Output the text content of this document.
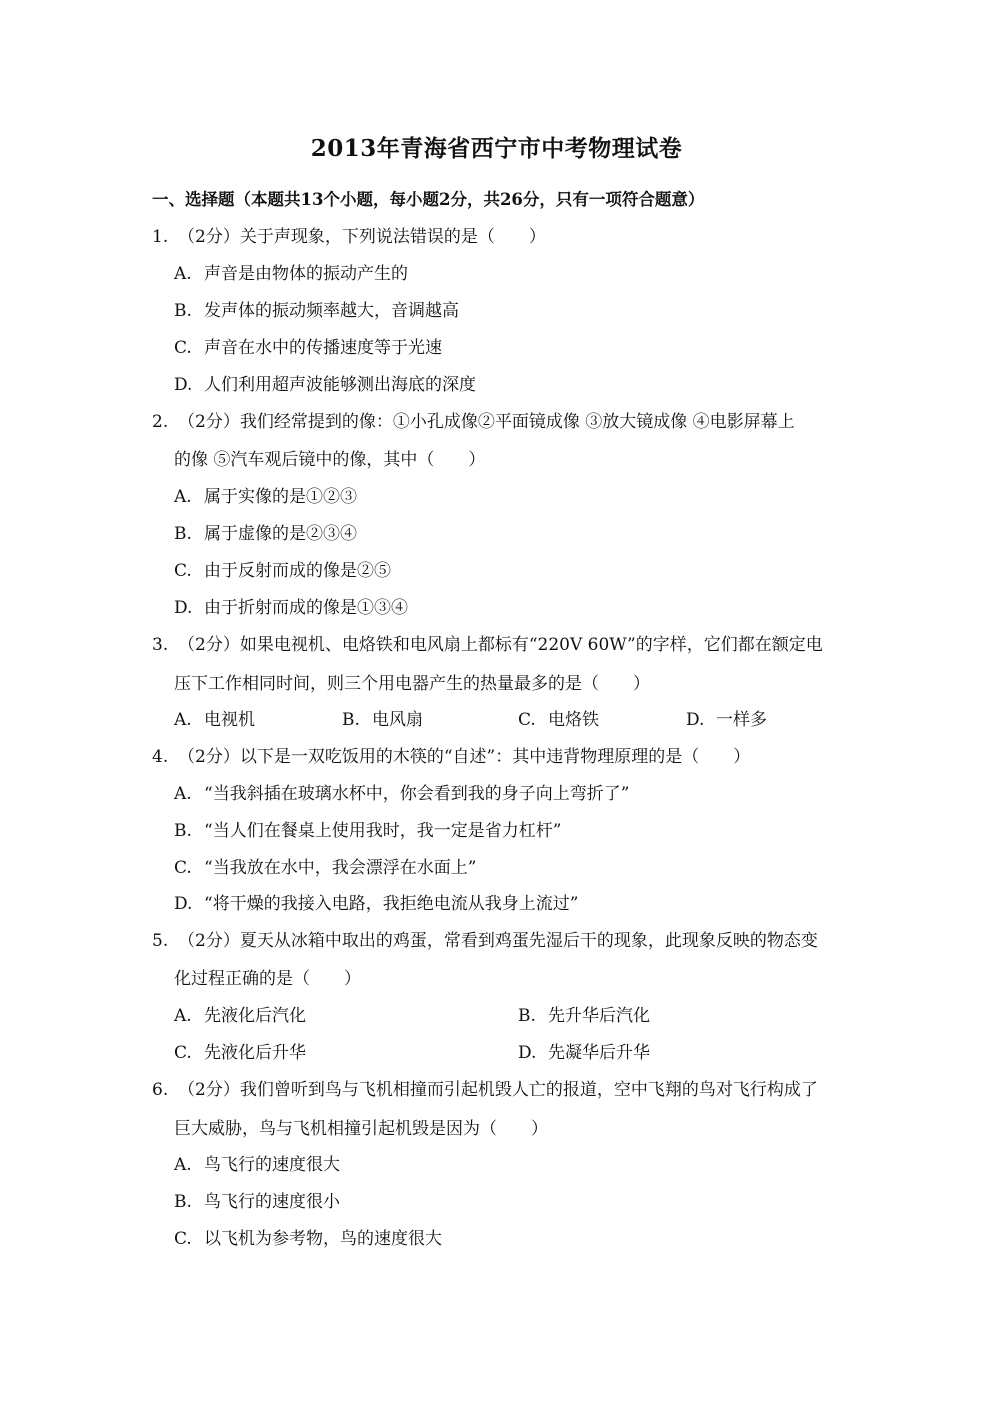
2013年青海省西宁市中考物理试卷
一、选择题（本题共13个小题，每小题2分，共26分，只有一项符合题意）
1. （2分）关于声现象，下列说法错误的是（　　）
A. 声音是由物体的振动产生的
B. 发声体的振动频率越大，音调越高
C. 声音在水中的传播速度等于光速
D. 人们利用超声波能够测出海底的深度
2. （2分）我们经常提到的像：①小孔成像②平面镜成像 ③放大镜成像 ④电影屏幕上
的像 ⑤汽车观后镜中的像，其中（　　）
A. 属于实像的是①②③
B. 属于虚像的是②③④
C. 由于反射而成的像是②⑤
D. 由于折射而成的像是①③④
3. （2分）如果电视机、电烙铁和电风扇上都标有“220V 60W”的字样，它们都在额定电
压下工作相同时间，则三个用电器产生的热量最多的是（　　）
A. 电视机	B. 电风扇	C. 电烙铁	D. 一样多
4. （2分）以下是一双吃饭用的木筷的“自述”：其中违背物理原理的是（　　）
A. “当我斜插在玻璃水杯中，你会看到我的身子向上弯折了”
B. “当人们在餐桌上使用我时，我一定是省力杠杆”
C. “当我放在水中，我会漂浮在水面上”
D. “将干燥的我接入电路，我拒绝电流从我身上流过”
5. （2分）夏天从冰箱中取出的鸡蛋，常看到鸡蛋先湿后干的现象，此现象反映的物态变
化过程正确的是（　　）
A. 先液化后汽化	B. 先升华后汽化
C. 先液化后升华	D. 先凝华后升华
6. （2分）我们曾听到鸟与飞机相撞而引起机毁人亡的报道，空中飞翔的鸟对飞行构成了
巨大威胁，鸟与飞机相撞引起机毁是因为（　　）
A. 鸟飞行的速度很大
B. 鸟飞行的速度很小
C. 以飞机为参考物，鸟的速度很大
